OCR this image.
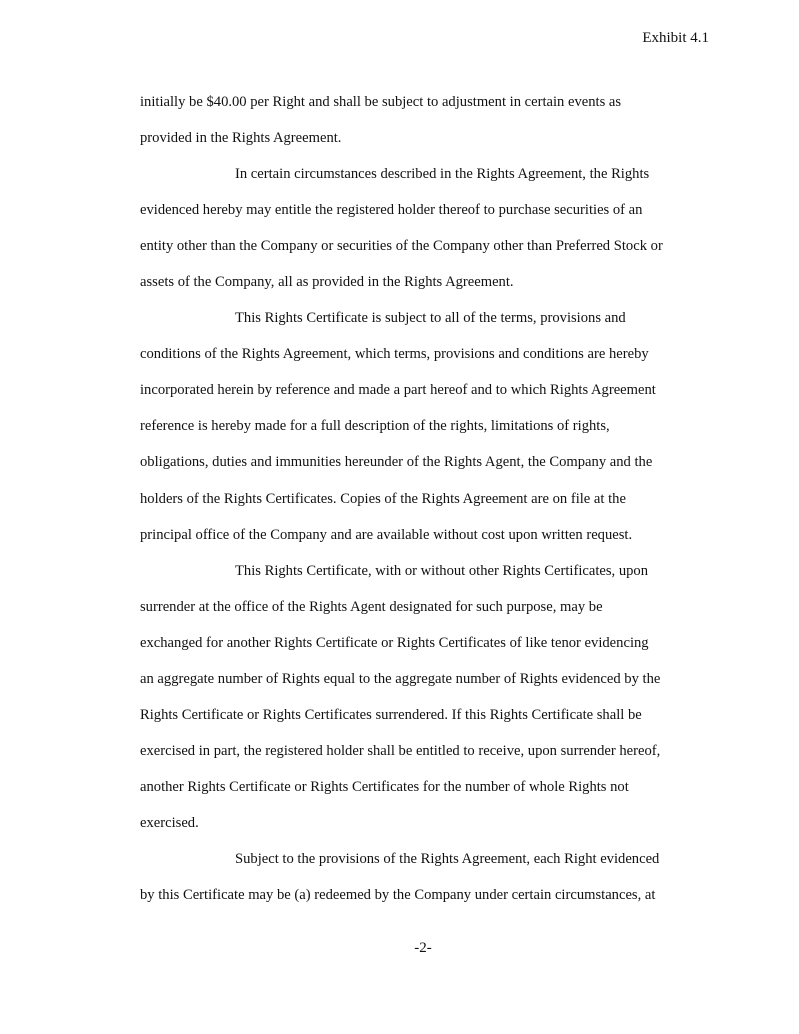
Exhibit 4.1
initially be $40.00 per Right and shall be subject to adjustment in certain events as
provided in the Rights Agreement.
In certain circumstances described in the Rights Agreement, the Rights
evidenced hereby may entitle the registered holder thereof to purchase securities of an
entity other than the Company or securities of the Company other than Preferred Stock or
assets of the Company, all as provided in the Rights Agreement.
This Rights Certificate is subject to all of the terms, provisions and
conditions of the Rights Agreement, which terms, provisions and conditions are hereby
incorporated herein by reference and made a part hereof and to which Rights Agreement
reference is hereby made for a full description of the rights, limitations of rights,
obligations, duties and immunities hereunder of the Rights Agent, the Company and the
holders of the Rights Certificates. Copies of the Rights Agreement are on file at the
principal office of the Company and are available without cost upon written request.
This Rights Certificate, with or without other Rights Certificates, upon
surrender at the office of the Rights Agent designated for such purpose, may be
exchanged for another Rights Certificate or Rights Certificates of like tenor evidencing
an aggregate number of Rights equal to the aggregate number of Rights evidenced by the
Rights Certificate or Rights Certificates surrendered. If this Rights Certificate shall be
exercised in part, the registered holder shall be entitled to receive, upon surrender hereof,
another Rights Certificate or Rights Certificates for the number of whole Rights not
exercised.
Subject to the provisions of the Rights Agreement, each Right evidenced
by this Certificate may be (a) redeemed by the Company under certain circumstances, at
-2-
